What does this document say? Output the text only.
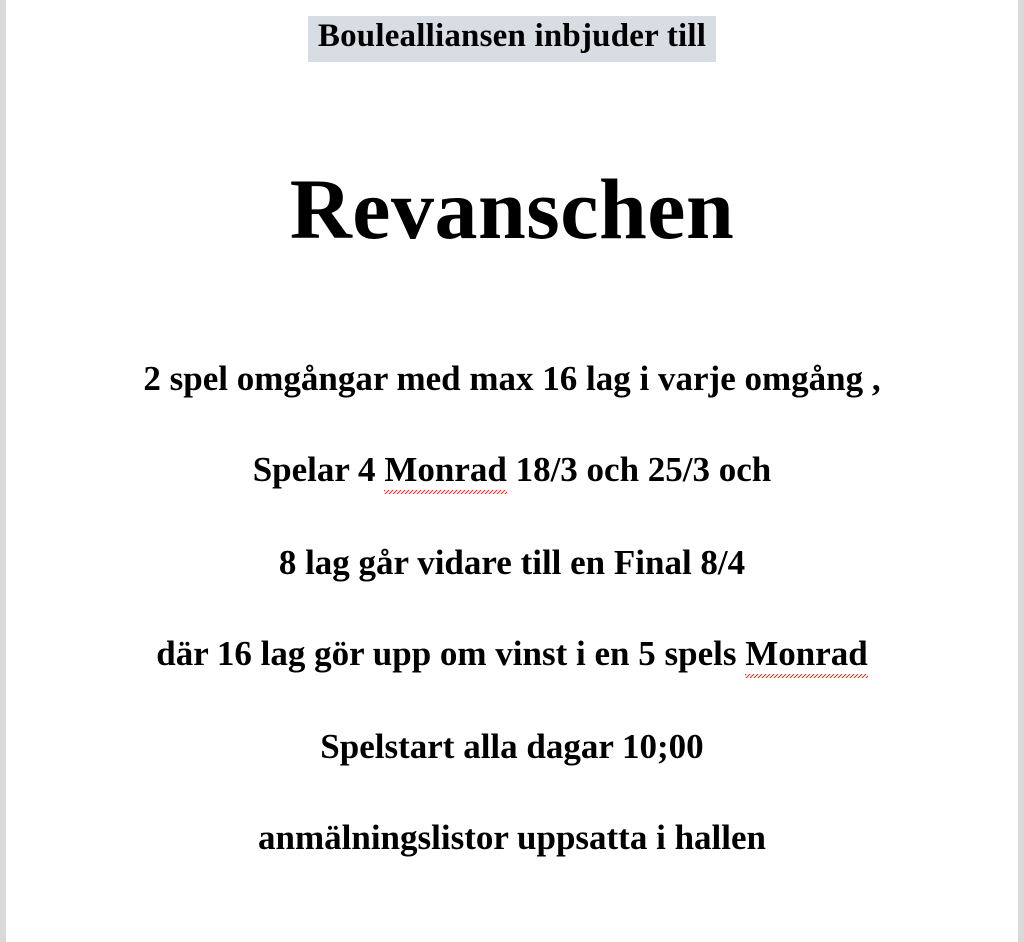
Boulealliansen inbjuder till
Revanschen
2 spel omgångar med max 16 lag i varje omgång ,
Spelar 4 Monrad 18/3 och 25/3 och
8 lag går vidare till en Final 8/4
där 16 lag gör upp om vinst i en 5 spels Monrad
Spelstart alla dagar 10;00
anmälningslistor uppsatta i hallen
